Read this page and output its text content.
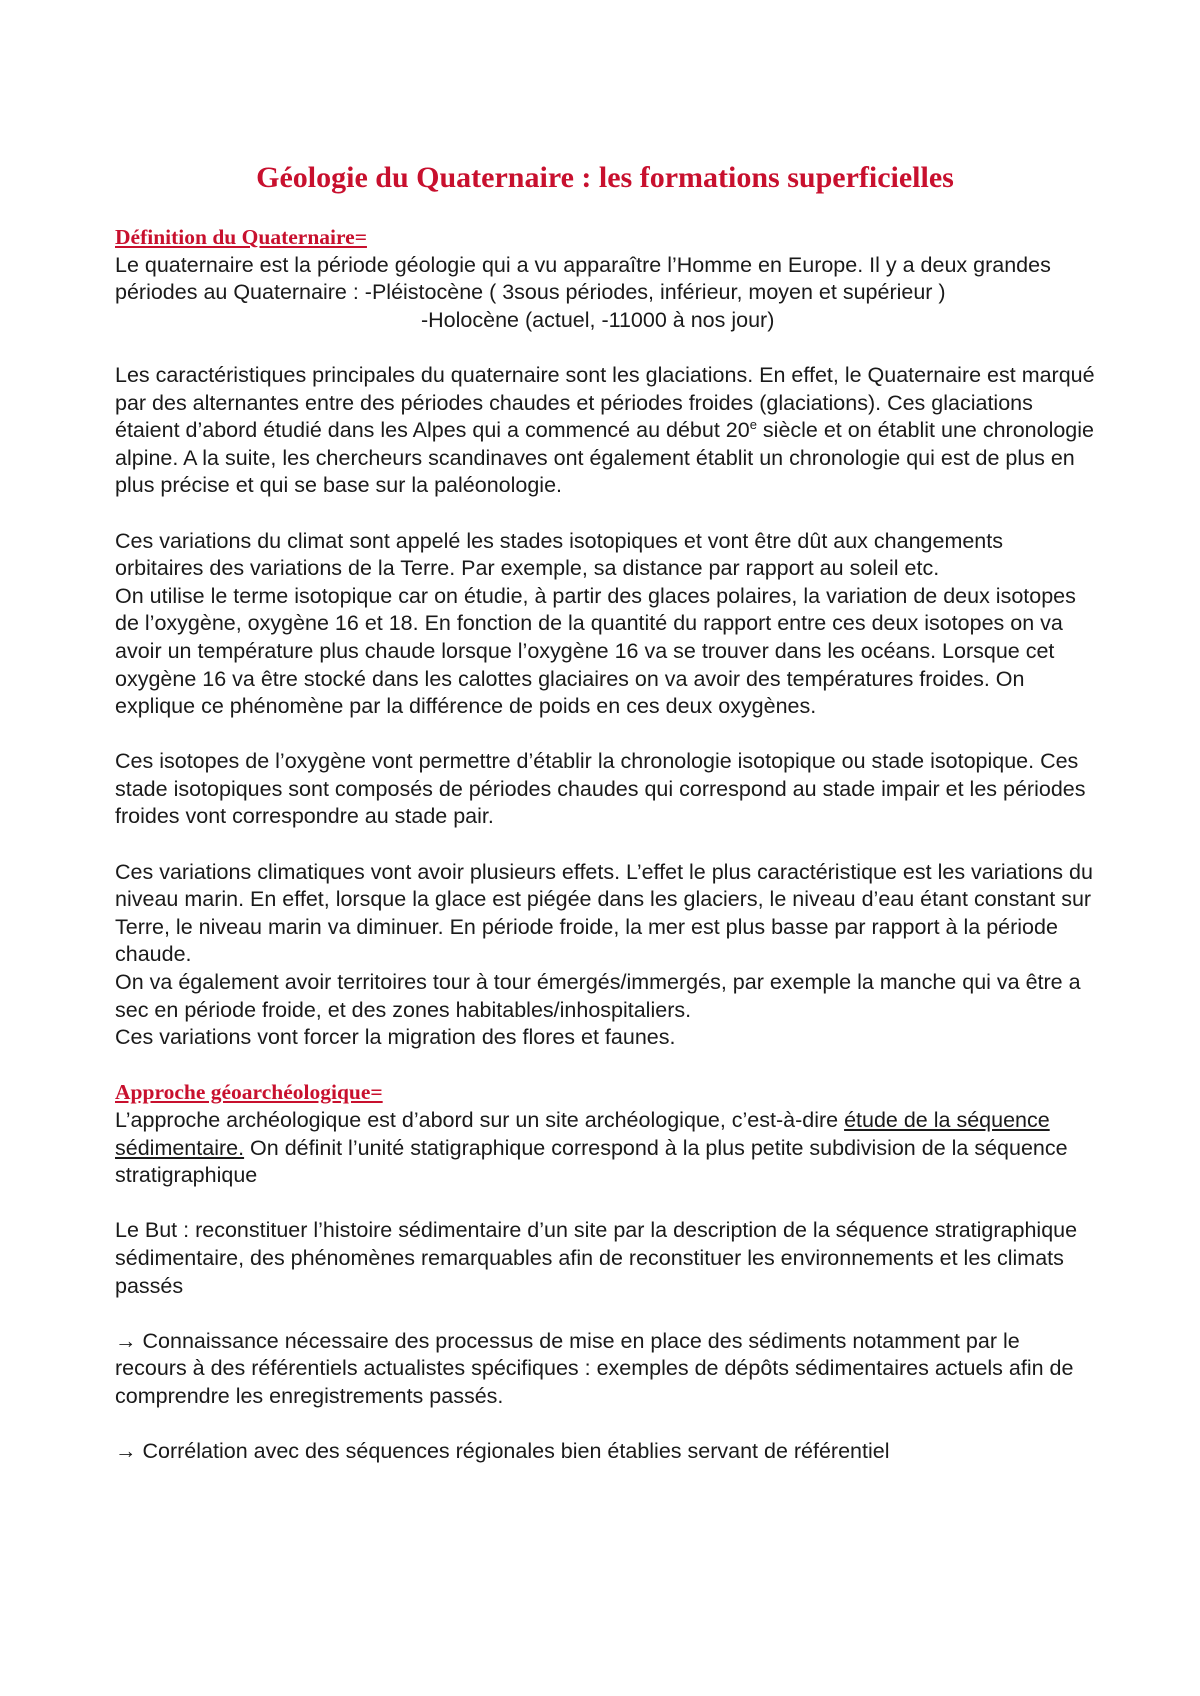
Géologie du Quaternaire : les formations superficielles
Définition du Quaternaire=

Le quaternaire est la période géologie qui a vu apparaître l’Homme en Europe. Il y a deux grandes

périodes au Quaternaire : -Pléistocène ( 3sous périodes, inférieur, moyen et supérieur )

-Holocène (actuel, -11000 à nos jour)

Les caractéristiques principales du quaternaire sont les glaciations. En effet, le Quaternaire est marqué par des alternantes entre des périodes chaudes et périodes froides (glaciations). Ces glaciations étaient d’abord étudié dans les Alpes qui a commencé au début 20e siècle et on établit une chronologie alpine. A la suite, les chercheurs scandinaves ont également établit un chronologie qui est de plus en plus précise et qui se base sur la paléonologie.

Ces variations du climat sont appelé les stades isotopiques et vont être dût aux changements orbitaires des variations de la Terre. Par exemple, sa distance par rapport au soleil etc.

On utilise le terme isotopique car on étudie, à partir des glaces polaires, la variation de deux isotopes de l’oxygène, oxygène 16 et 18. En fonction de la quantité du rapport entre ces deux isotopes on va avoir un température plus chaude lorsque l’oxygène 16 va se trouver dans les océans. Lorsque cet oxygène 16 va être stocké dans les calottes glaciaires on va avoir des températures froides. On explique ce phénomène par la différence de poids en ces deux oxygènes.

Ces isotopes de l’oxygène vont permettre d’établir la chronologie isotopique ou stade isotopique. Ces stade isotopiques sont composés de périodes chaudes qui correspond au stade impair et les périodes froides vont correspondre au stade pair.

Ces variations climatiques vont avoir plusieurs effets. L’effet le plus caractéristique est les variations du niveau marin. En effet, lorsque la glace est piégée dans les glaciers, le niveau d’eau étant constant sur Terre, le niveau marin va diminuer. En période froide, la mer est plus basse par rapport à la période chaude.

On va également avoir territoires tour à tour émergés/immergés, par exemple la manche qui va être a sec en période froide, et des zones habitables/inhospitaliers.

Ces variations vont forcer la migration des flores et faunes.

Approche géoarchéologique=

L’approche archéologique est d’abord sur un site archéologique, c’est-à-dire étude de la séquence sédimentaire. On définit l’unité statigraphique correspond à la plus petite subdivision de la séquence stratigraphique

Le But : reconstituer l’histoire sédimentaire d’un site par la description de la séquence stratigraphique sédimentaire, des phénomènes remarquables afin de reconstituer les environnements et les climats passés

→ Connaissance nécessaire des processus de mise en place des sédiments notamment par le recours à des référentiels actualistes spécifiques : exemples de dépôts sédimentaires actuels afin de comprendre les enregistrements passés.

→ Corrélation avec des séquences régionales bien établies servant de référentiel
